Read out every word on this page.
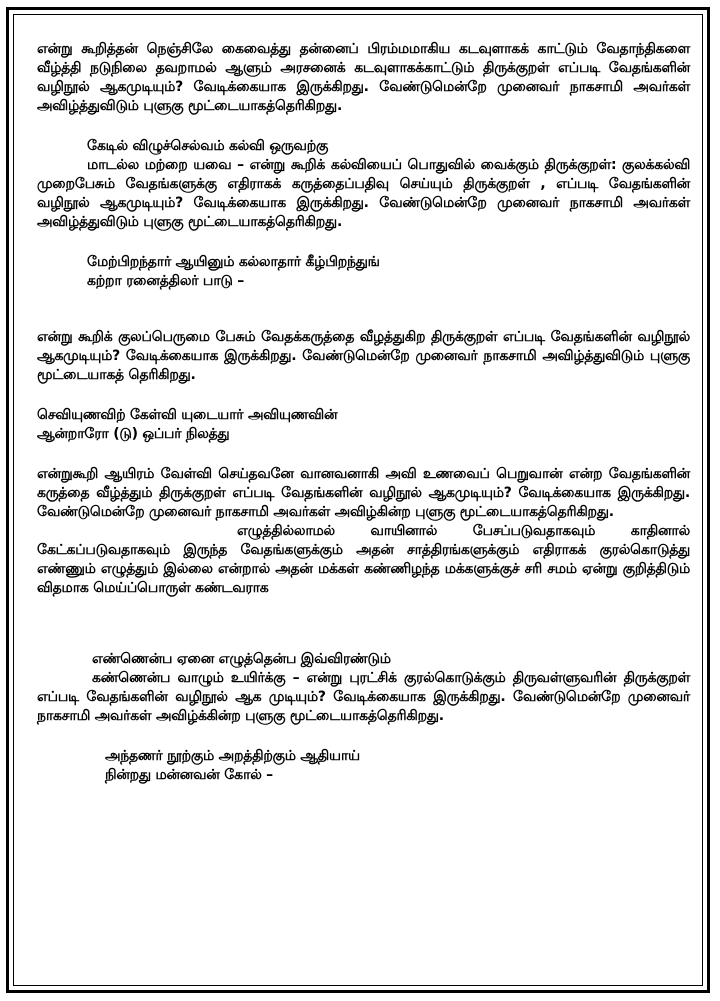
என்று கூறித்தன் நெஞ்சிலே கைவைத்து தன்னைப் பிரம்மமாகிய கடவுளாகக் காட்டும் வேதாந்திகளை வீழ்த்தி நடுநிலை தவறாமல் ஆளும் அரசனைக் கடவுளாகக்காட்டும் திருக்குறள் எப்படி வேதங்களின் வழிநூல் ஆகமுடியும்? வேடிக்கையாக இருக்கிறது. வேண்டுமென்றே முனைவர் நாகசாமி அவர்கள் அவிழ்த்துவிடும் புளுகு மூட்டையாகத்தெரிகிறது.

கேடில் விழுச்செல்வம் கல்வி ஒருவற்கு

மாடல்ல மற்றை யவை – என்று கூறிக் கல்வியைப் பொதுவில் வைக்கும் திருக்குறள்: குலக்கல்வி முறைபேசும் வேதங்களுக்கு எதிராகக் கருத்தைப்பதிவு செய்யும் திருக்குறள் , எப்படி வேதங்களின் வழிநூல் ஆகமுடியும்? வேடிக்கையாக இருக்கிறது. வேண்டுமென்றே முனைவர் நாகசாமி அவர்கள் அவிழ்த்துவிடும் புளுகு மூட்டையாகத்தெரிகிறது.

மேற்பிறந்தார் ஆயினும் கல்லாதார் கீழ்பிறந்துங்
கற்றா ரனைத்திலர் பாடு –

என்று கூறிக் குலப்பெருமை பேசும் வேதக்கருத்தை வீழத்துகிற திருக்குறள் எப்படி வேதங்களின் வழிநூல் ஆகமுடியும்? வேடிக்கையாக இருக்கிறது. வேண்டுமென்றே முனைவர் நாகசாமி அவிழ்த்துவிடும் புளுகு மூட்டையாகத் தெரிகிறது.

செவியுணவிற் கேள்வி யுடையார் அவியுணவின்
ஆன்றாரோ (டு) ஒப்பர் நிலத்து

என்றுகூறி ஆயிரம் வேள்வி செய்தவனே வானவனாகி அவி உணவைப் பெறுவான் என்ற வேதங்களின் கருத்தை வீழ்த்தும் திருக்குறள் எப்படி வேதங்களின் வழிநூல் ஆகமுடியும்? வேடிக்கையாக இருக்கிறது. வேண்டுமென்றே முனைவர் நாகசாமி அவர்கள் அவிழ்கின்ற புளுகு மூட்டையாகத்தெரிகிறது.

எழுத்தில்லாமல் வாயினால் பேசப்படுவதாகவும் காதினால் கேட்கப்படுவதாகவும் இருந்த வேதங்களுக்கும் அதன் சாத்திரங்களுக்கும் எதிராகக் குரல்கொடுத்து எண்ணும் எழுத்தும் இல்லை என்றால் அதன் மக்கள் கண்ணிழந்த மக்களுக்குச் சரி சமம் ஏன்று குறித்திடும் விதமாக மெய்ப்பொருள் கண்டவராக

எண்ணென்ப ஏனை எழுத்தென்ப இவ்விரண்டும்

கண்ணென்ப வாழும் உயிர்க்கு – என்று புரட்சிக் குரல்கொடுக்கும் திருவள்ளுவரின் திருக்குறள் எப்படி வேதங்களின் வழிநூல் ஆக முடியும்? வேடிக்கையாக இருக்கிறது. வேண்டுமென்றே முனைவர் நாகசாமி அவர்கள் அவிழ்க்கின்ற புளுகு மூட்டையாகத்தெரிகிறது.

அந்தணர் நூற்கும் அறத்திற்கும் ஆதியாய்
நின்றது மன்னவன் கோல் –
